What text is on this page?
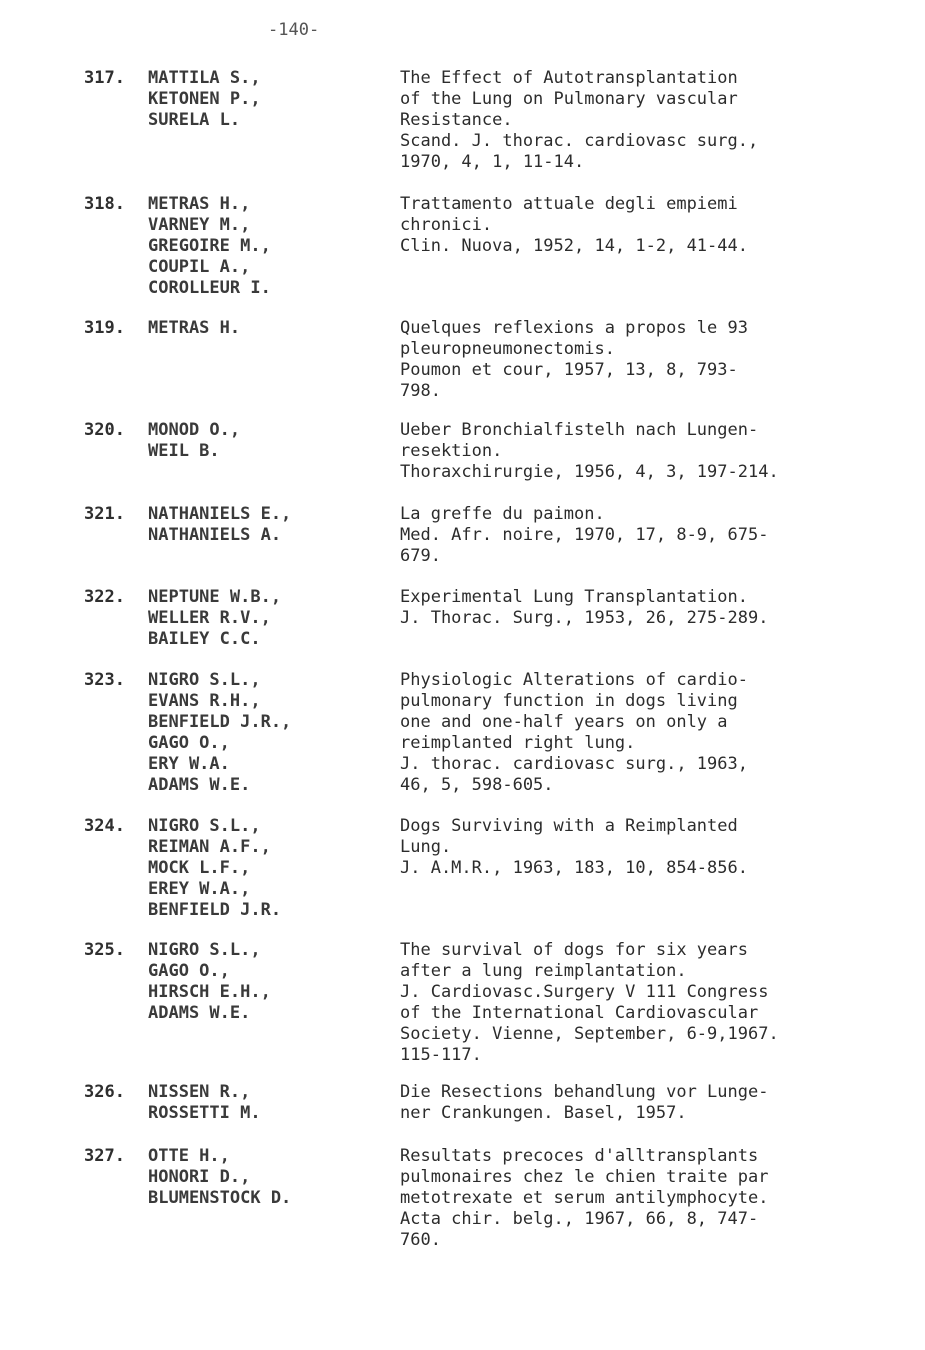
-140-
317. MATTILA S.,
KETONEN P.,
SURELA L.
The Effect of Autotransplantation
of the Lung on Pulmonary vascular
Resistance.
Scand. J. thorac. cardiovasc surg.,
1970, 4, 1, 11-14.
318. METRAS H.,
VARNEY M.,
GREGOIRE M.,
COUPIL A.,
COROLLEUR I.
Trattamento attuale degli empiemi
chronici.
Clin. Nuova, 1952, 14, 1-2, 41-44.
319. METRAS H.	Quelques reflexions a propos le 93
pleuropneumonectomis.
Poumon et cour, 1957, 13, 8, 793-
798.
320. MONOD O.,
WEIL B.
Ueber Bronchialfistelh nach Lungen-
resektion.
Thoraxchirurgie, 1956, 4, 3, 197-214.
321. NATHANIELS E.,
NATHANIELS A.
La greffe du paimon.
Med. Afr. noire, 1970, 17, 8-9, 675-
679.
322. NEPTUNE W.B.,
WELLER R.V.,
BAILEY C.C.
Experimental Lung Transplantation.
J. Thorac. Surg., 1953, 26, 275-289.
323. NIGRO S.L.,
EVANS R.H.,
BENFIELD J.R.,
GAGO O.,
ERY W.A.
ADAMS W.E.
Physiologic Alterations of cardio-
pulmonary function in dogs living
one and one-half years on only a
reimplanted right lung.
J. thorac. cardiovasc surg., 1963,
46, 5, 598-605.
324. NIGRO S.L.,
REIMAN A.F.,
MOCK L.F.,
EREY W.A.,
BENFIELD J.R.
Dogs Surviving with a Reimplanted
Lung.
J. A.M.R., 1963, 183, 10, 854-856.
325. NIGRO S.L.,
GAGO O.,
HIRSCH E.H.,
ADAMS W.E.
The survival of dogs for six years
after a lung reimplantation.
J. Cardiovasc.Surgery V 111 Congress
of the International Cardiovascular
Society. Vienne, September, 6-9,1967.
115-117.
326. NISSEN R.,
ROSSETTI M.
Die Resections behandlung vor Lunge-
ner Crankungen. Basel, 1957.
327. OTTE H.,
HONORI D.,
BLUMENSTOCK D.
Resultats precoces d'alltransplants
pulmonaires chez le chien traite par
metotrexate et serum antilymphocyte.
Acta chir. belg., 1967, 66, 8, 747-
760.
